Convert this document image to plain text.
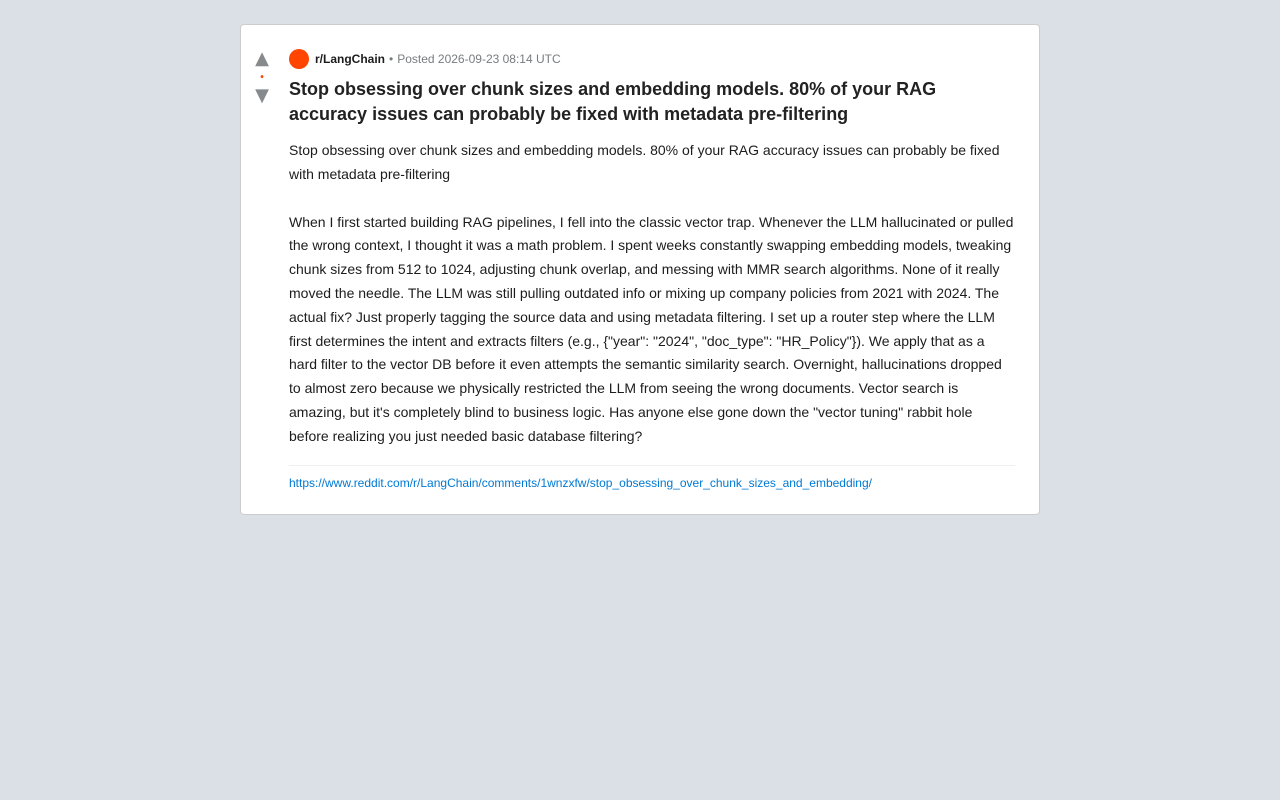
▲
•
▼
r/LangChain • Posted 2026-09-23 08:14 UTC
Stop obsessing over chunk sizes and embedding models. 80% of your RAG accuracy issues can probably be fixed with metadata pre-filtering

Stop obsessing over chunk sizes and embedding models. 80% of your RAG accuracy issues can probably be fixed with metadata pre-filtering

When I first started building RAG pipelines, I fell into the classic vector trap. Whenever the LLM hallucinated or pulled the wrong context, I thought it was a math problem. I spent weeks constantly swapping embedding models, tweaking chunk sizes from 512 to 1024, adjusting chunk overlap, and messing with MMR search algorithms. None of it really moved the needle. The LLM was still pulling outdated info or mixing up company policies from 2021 with 2024. The actual fix? Just properly tagging the source data and using metadata filtering. I set up a router step where the LLM first determines the intent and extracts filters (e.g., {"year": "2024", "doc_type": "HR_Policy"}). We apply that as a hard filter to the vector DB before it even attempts the semantic similarity search. Overnight, hallucinations dropped to almost zero because we physically restricted the LLM from seeing the wrong documents. Vector search is amazing, but it's completely blind to business logic. Has anyone else gone down the "vector tuning" rabbit hole before realizing you just needed basic database filtering?

https://www.reddit.com/r/LangChain/comments/1wnzxfw/stop_obsessing_over_chunk_sizes_and_embedding/
